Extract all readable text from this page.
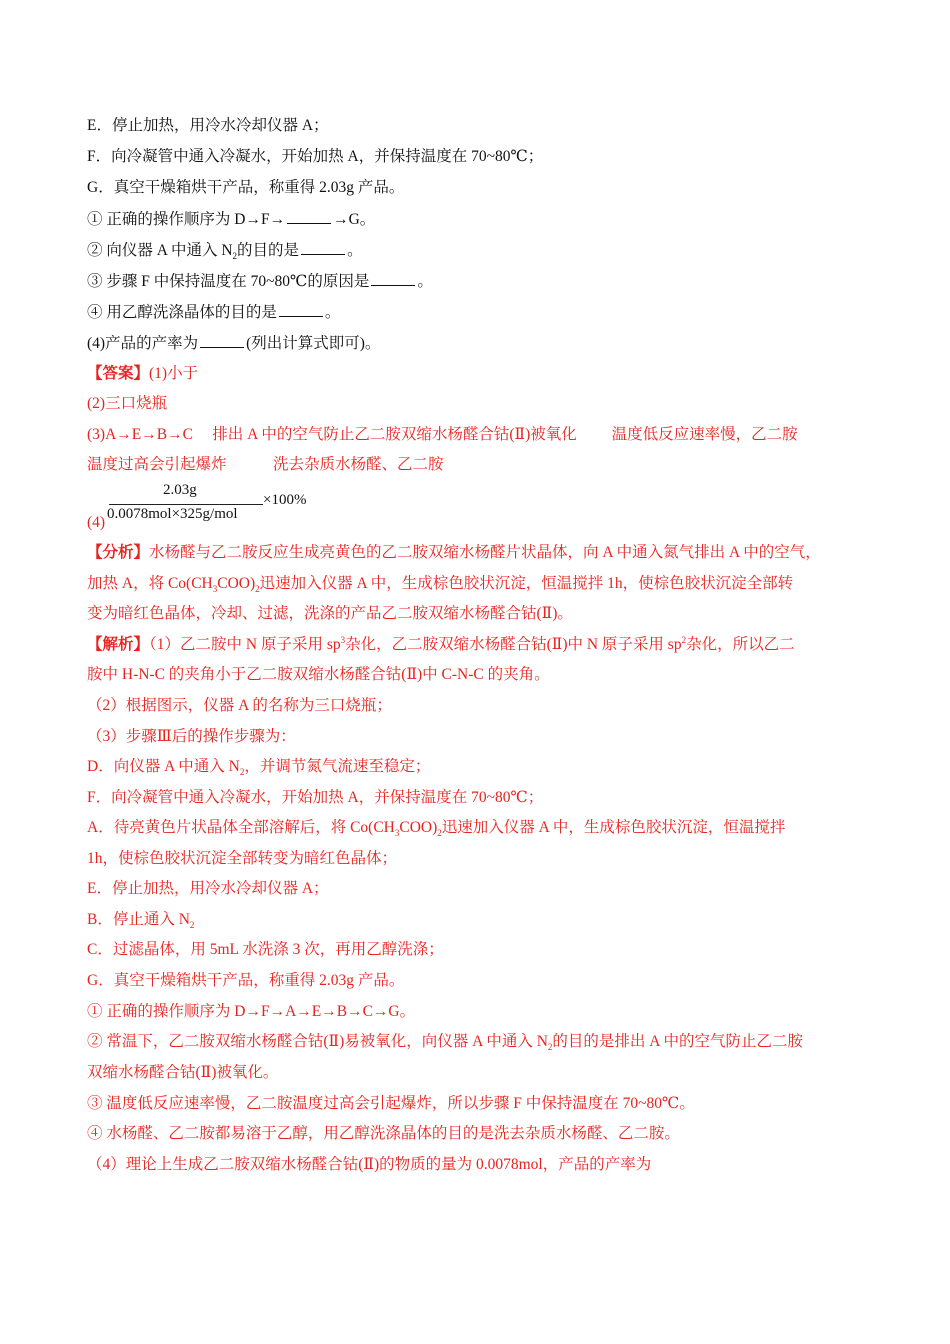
E．停止加热，用冷水冷却仪器 A；
F．向冷凝管中通入冷凝水，开始加热 A，并保持温度在 70~80℃；
G．真空干燥箱烘干产品，称重得 2.03g 产品。
① 正确的操作顺序为 D→F→	→G。
② 向仪器 A 中通入 $N_2$的目的是	。
③ 步骤 F 中保持温度在 70~80℃的原因是	。
④ 用乙醇洗涤晶体的目的是	。
(4)产品的产率为	(列出计算式即可)。
【答案】(1)小于
(2)三口烧瓶
(3)A→E→B→C　 排出 A 中的空气防止乙二胺双缩水杨醛合钴(Ⅱ)被氧化　　 温度低反应速率慢，乙二胺
温度过高会引起爆炸　　　洗去杂质水杨醛、乙二胺
2.03g
0.0078mol×325g/mol
×100%
(4)
【分析】水杨醛与乙二胺反应生成亮黄色的乙二胺双缩水杨醛片状晶体，向 A 中通入氮气排出 A 中的空气，
加热 A，将 $Co(CH_3COO)_2$迅速加入仪器 A 中，生成棕色胶状沉淀，恒温搅拌 1h，使棕色胶状沉淀全部转
变为暗红色晶体，冷却、过滤，洗涤的产品乙二胺双缩水杨醛合钴(Ⅱ)。
【解析】（1）乙二胺中 N 原子采用 $sp^3$杂化，乙二胺双缩水杨醛合钴(Ⅱ)中 N 原子采用 $sp^2$杂化，所以乙二
胺中 H-N-C 的夹角小于乙二胺双缩水杨醛合钴(Ⅱ)中 C-N-C 的夹角。
（2）根据图示，仪器 A 的名称为三口烧瓶；
（3）步骤Ⅲ后的操作步骤为：
D．向仪器 A 中通入 $N_2$，并调节氮气流速至稳定；
F．向冷凝管中通入冷凝水，开始加热 A，并保持温度在 70~80℃；
A．待亮黄色片状晶体全部溶解后，将 $Co(CH_3COO)_2$迅速加入仪器 A 中，生成棕色胶状沉淀，恒温搅拌
1h，使棕色胶状沉淀全部转变为暗红色晶体；
E．停止加热，用冷水冷却仪器 A；
B．停止通入 $N_2$
C．过滤晶体，用 5mL 水洗涤 3 次，再用乙醇洗涤；
G．真空干燥箱烘干产品，称重得 2.03g 产品。
① 正确的操作顺序为 D→F→A→E→B→C→G。
② 常温下，乙二胺双缩水杨醛合钴(Ⅱ)易被氧化，向仪器 A 中通入 $N_2$的目的是排出 A 中的空气防止乙二胺
双缩水杨醛合钴(Ⅱ)被氧化。
③ 温度低反应速率慢，乙二胺温度过高会引起爆炸，所以步骤 F 中保持温度在 70~80℃。
④ 水杨醛、乙二胺都易溶于乙醇，用乙醇洗涤晶体的目的是洗去杂质水杨醛、乙二胺。
（4）理论上生成乙二胺双缩水杨醛合钴(Ⅱ)的物质的量为 0.0078mol，产品的产率为
